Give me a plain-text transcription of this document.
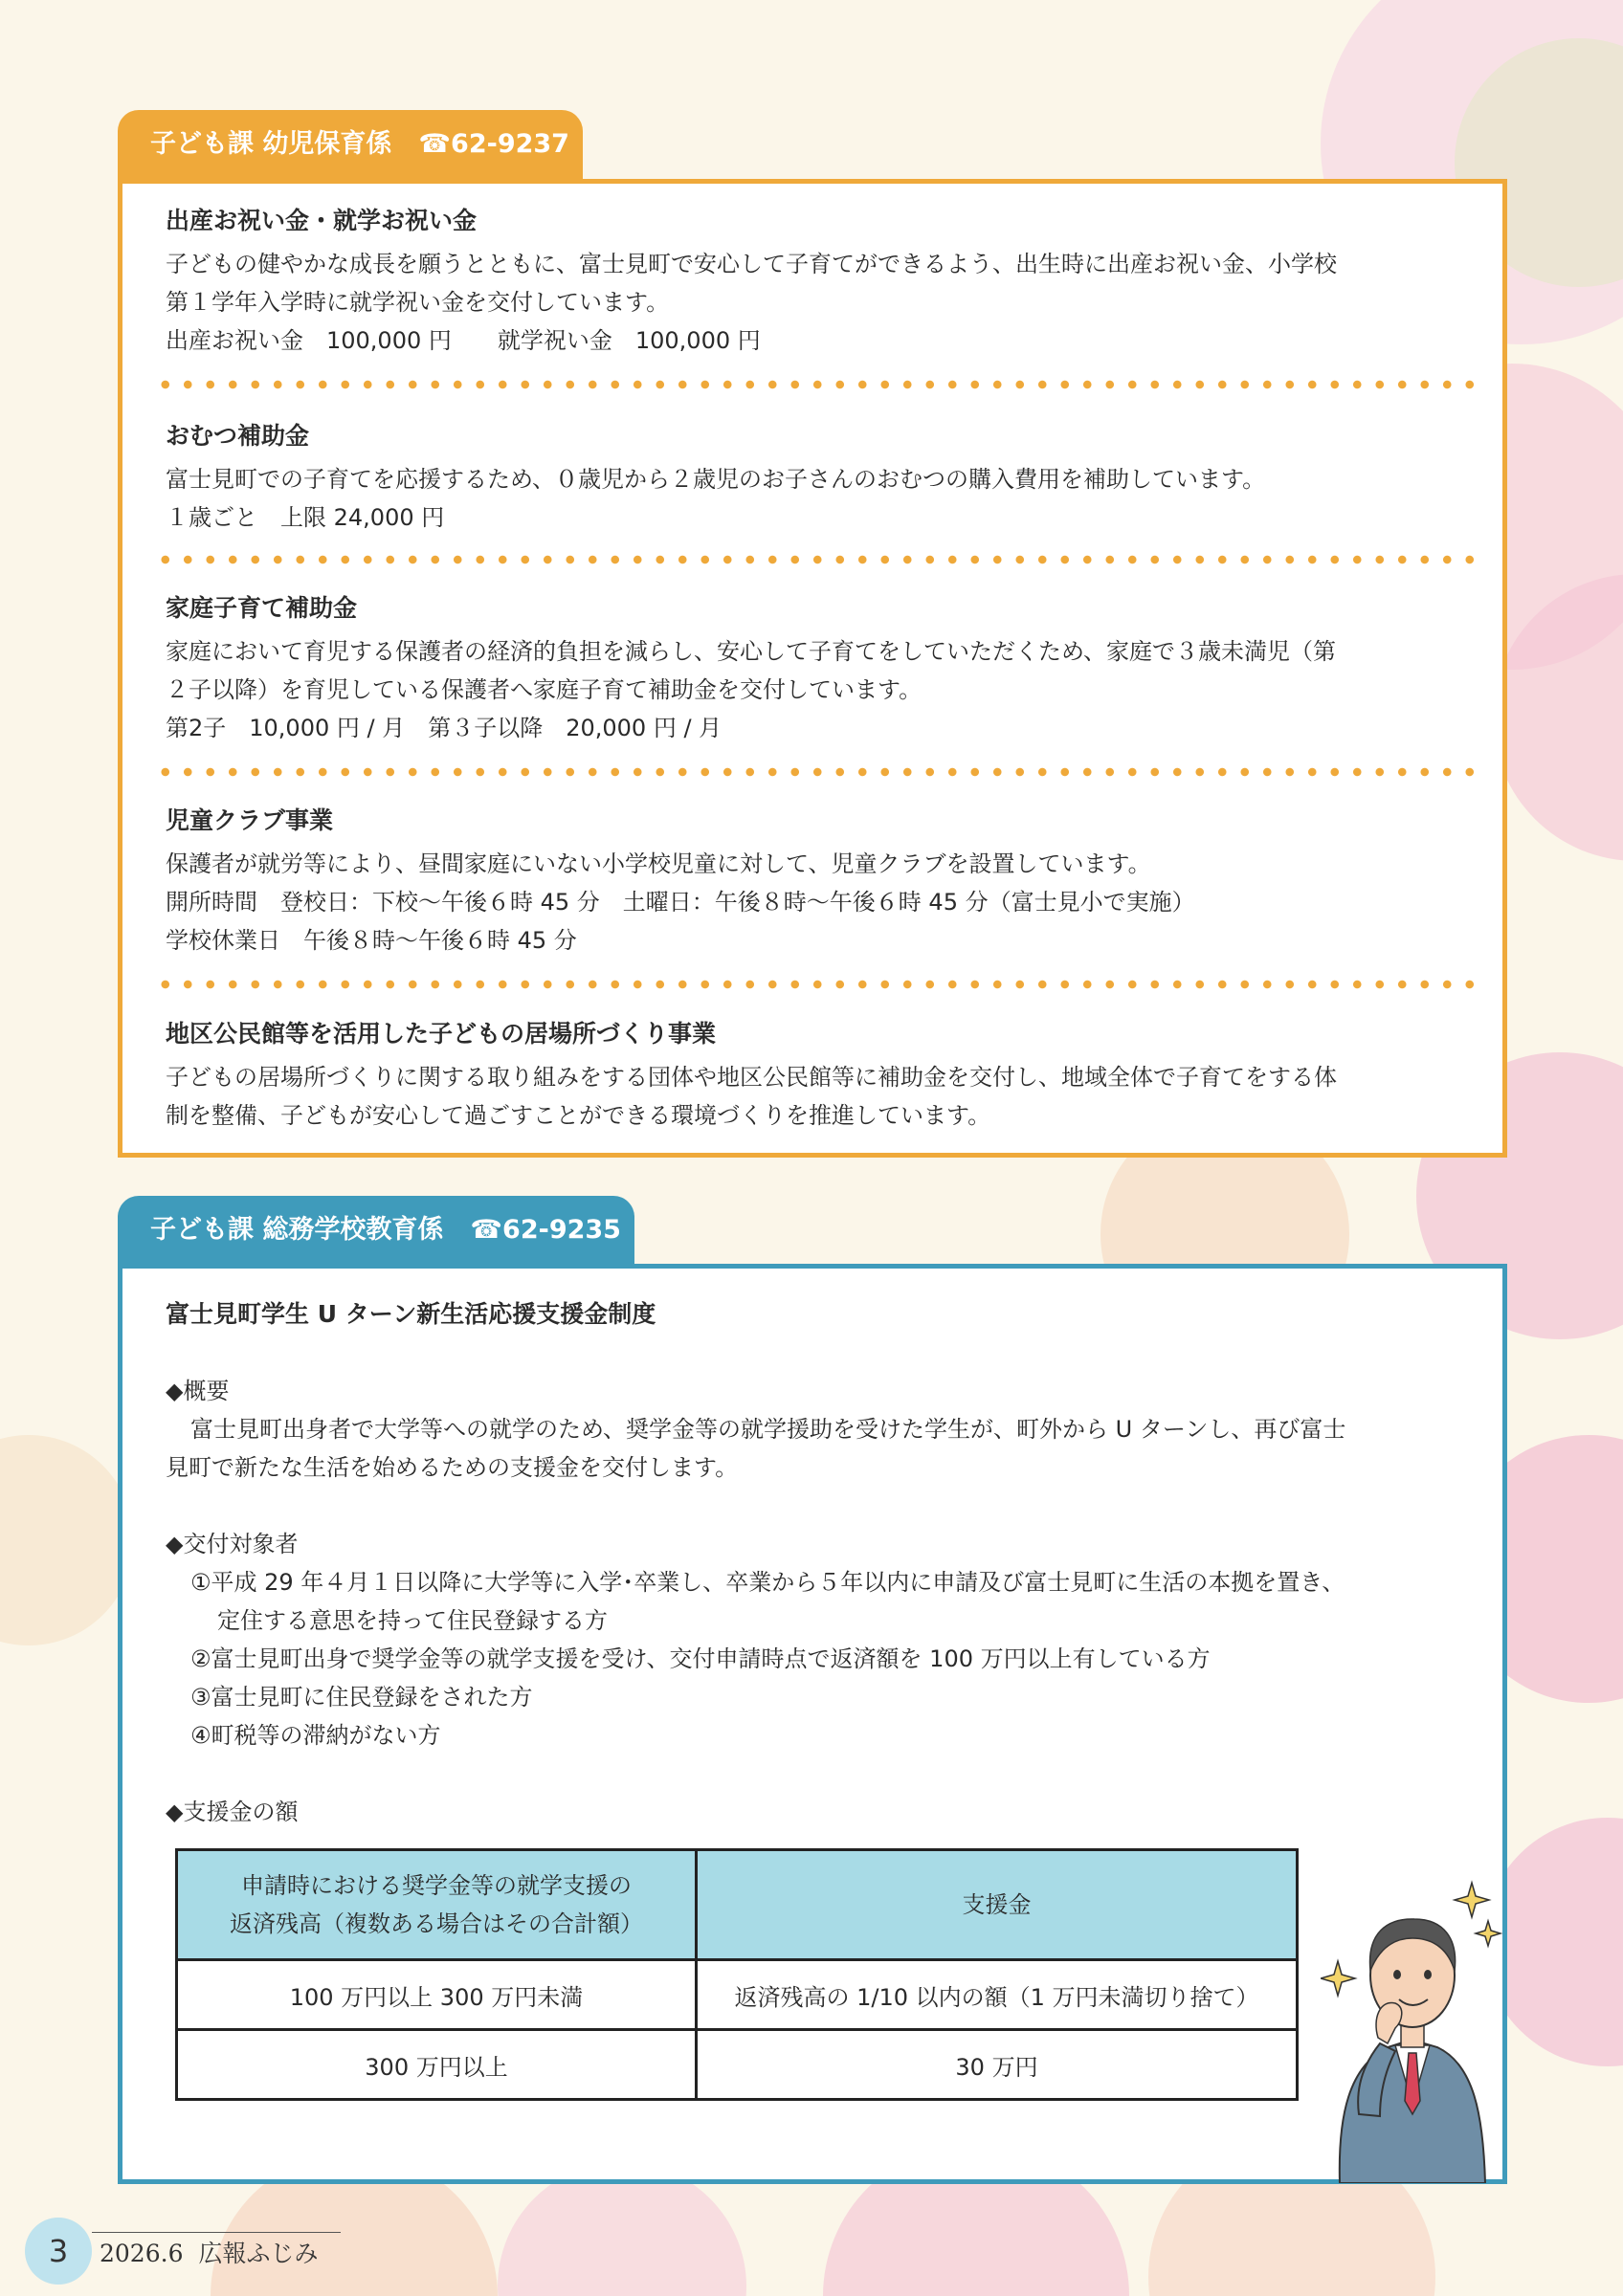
子ども課 幼児保育係 ☎62-9237
出産お祝い金・就学お祝い金

子どもの健やかな成長を願うとともに、富士見町で安心して子育てができるよう、出生時に出産お祝い金、小学校

第１学年入学時に就学祝い金を交付しています。

出産お祝い金　100,000 円　　就学祝い金　100,000 円

おむつ補助金

富士見町での子育てを応援するため、０歳児から２歳児のお子さんのおむつの購入費用を補助しています。

１歳ごと　上限 24,000 円

家庭子育て補助金

家庭において育児する保護者の経済的負担を減らし、安心して子育てをしていただくため、家庭で３歳未満児（第

２子以降）を育児している保護者へ家庭子育て補助金を交付しています。

第2子　10,000 円 / 月　第３子以降　20,000 円 / 月

児童クラブ事業

保護者が就労等により、昼間家庭にいない小学校児童に対して、児童クラブを設置しています。

開所時間　登校日：下校～午後６時 45 分　土曜日：午後８時～午後６時 45 分（富士見小で実施）

学校休業日　午後８時～午後６時 45 分

地区公民館等を活用した子どもの居場所づくり事業

子どもの居場所づくりに関する取り組みをする団体や地区公民館等に補助金を交付し、地域全体で子育てをする体

制を整備、子どもが安心して過ごすことができる環境づくりを推進しています。

子ども課 総務学校教育係 ☎62-9235

富士見町学生 U ターン新生活応援支援金制度

◆概要

富士見町出身者で大学等への就学のため、奨学金等の就学援助を受けた学生が、町外から U ターンし、再び富士

見町で新たな生活を始めるための支援金を交付します。

◆交付対象者

①平成 29 年４月１日以降に大学等に入学･卒業し、卒業から５年以内に申請及び富士見町に生活の本拠を置き、

定住する意思を持って住民登録する方

②富士見町出身で奨学金等の就学支援を受け、交付申請時点で返済額を 100 万円以上有している方

③富士見町に住民登録をされた方

④町税等の滞納がない方

◆支援金の額

申請時における奨学金等の就学支援の
返済残高（複数ある場合はその合計額）	支援金
100 万円以上 300 万円未満	返済残高の 1/10 以内の額（1 万円未満切り捨て）
300 万円以上	30 万円
3	2026.6 広報ふじみ
